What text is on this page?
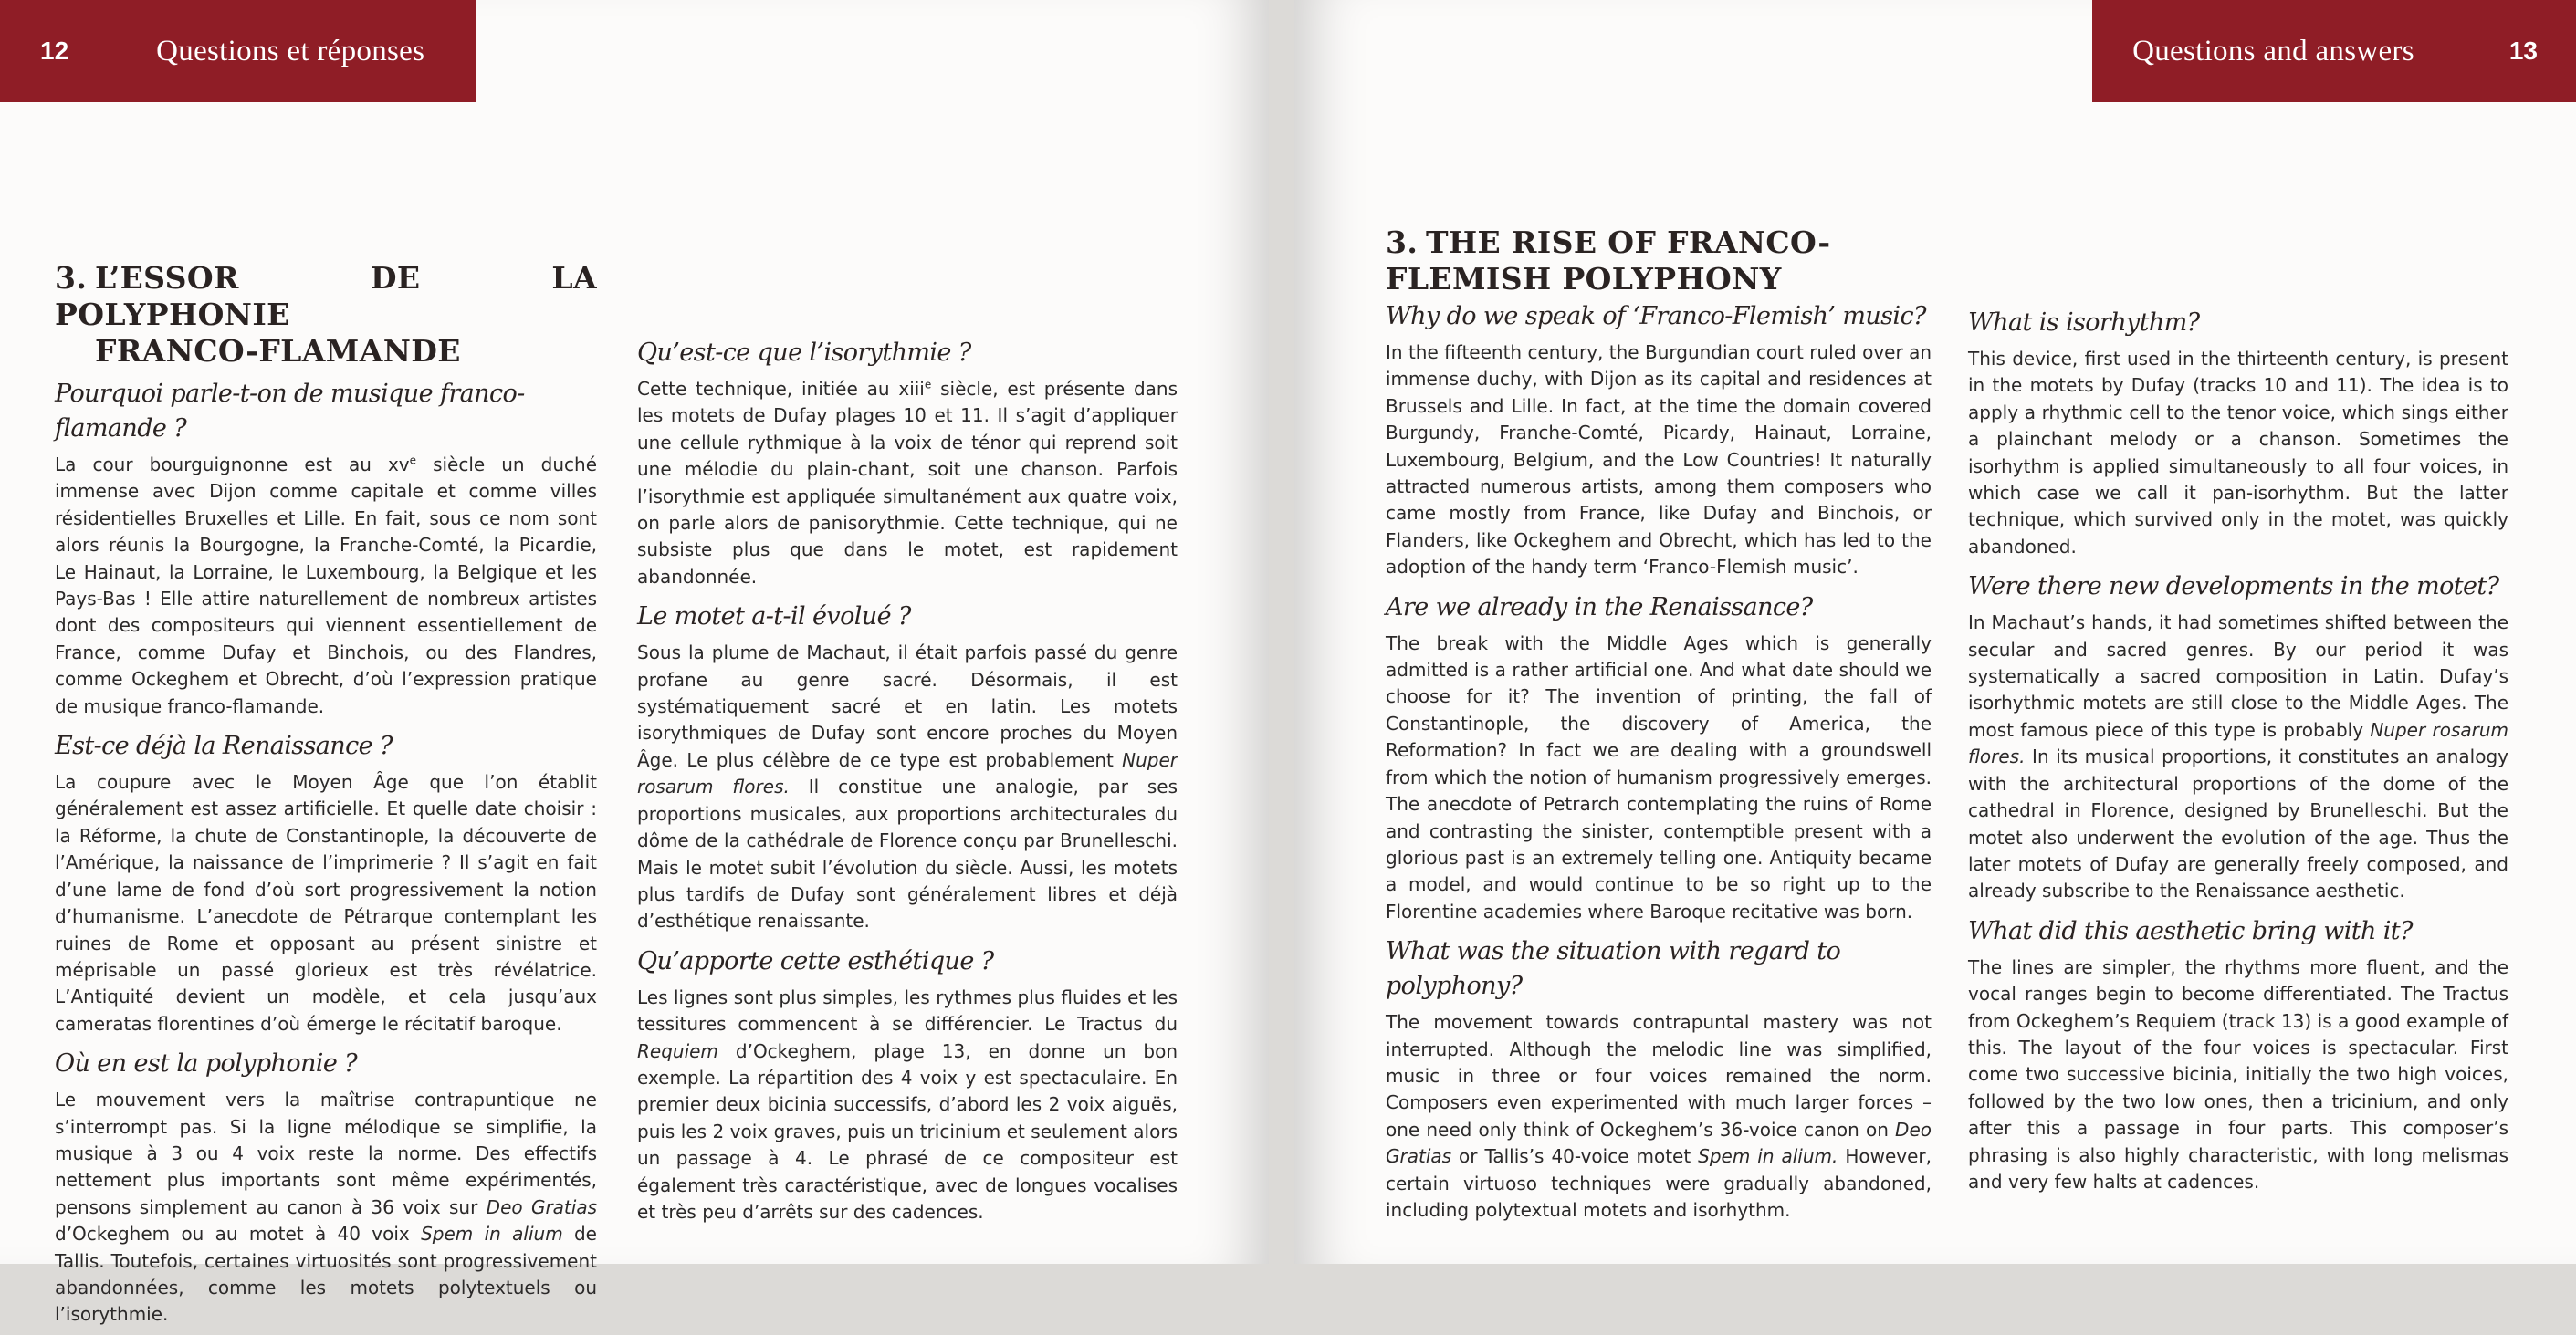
12	Questions et réponses
3. L’ESSOR DE LA POLYPHONIE
FRANCO-FLAMANDE
Pourquoi parle-t-on de musique franco-flamande ?

La cour bourguignonne est au $xv^e$ siècle un duché immense avec Dijon comme capitale et comme villes résidentielles Bruxelles et Lille. En fait, sous ce nom sont alors réunis la Bourgogne, la Franche-Comté, la Picardie, Le Hainaut, la Lorraine, le Luxembourg, la Belgique et les Pays-Bas ! Elle attire naturellement de nombreux artistes dont des compositeurs qui viennent essentiellement de France, comme Dufay et Binchois, ou des Flandres, comme Ockeghem et Obrecht, d’où l’expression pratique de musique franco-flamande.

Est-ce déjà la Renaissance ?

La coupure avec le Moyen Âge que l’on établit généralement est assez artificielle. Et quelle date choisir : la Réforme, la chute de Constantinople, la découverte de l’Amérique, la naissance de l’imprimerie ? Il s’agit en fait d’une lame de fond d’où sort progressivement la notion d’humanisme. L’anecdote de Pétrarque contemplant les ruines de Rome et opposant au présent sinistre et méprisable un passé glorieux est très révélatrice. L’Antiquité devient un modèle, et cela jusqu’aux cameratas florentines d’où émerge le récitatif baroque.

Où en est la polyphonie ?

Le mouvement vers la maîtrise contrapuntique ne s’interrompt pas. Si la ligne mélodique se simplifie, la musique à 3 ou 4 voix reste la norme. Des effectifs nettement plus importants sont même expérimentés, pensons simplement au canon à 36 voix sur Deo Gratias d’Ockeghem ou au motet à 40 voix Spem in alium de Tallis. Toutefois, certaines virtuosités sont progressivement abandonnées, comme les motets polytextuels ou l’isorythmie.

Qu’est-ce que l’isorythmie ?

Cette technique, initiée au xiii$^e$ siècle, est présente dans les motets de Dufay plages 10 et 11. Il s’agit d’appliquer une cellule rythmique à la voix de ténor qui reprend soit une mélodie du plain-chant, soit une chanson. Parfois l’isorythmie est appliquée simultanément aux quatre voix, on parle alors de panisorythmie. Cette technique, qui ne subsiste plus que dans le motet, est rapidement abandonnée.

Le motet a-t-il évolué ?

Sous la plume de Machaut, il était parfois passé du genre profane au genre sacré. Désormais, il est systématiquement sacré et en latin. Les motets isorythmiques de Dufay sont encore proches du Moyen Âge. Le plus célèbre de ce type est probablement Nuper rosarum flores. Il constitue une analogie, par ses proportions musicales, aux proportions architecturales du dôme de la cathédrale de Florence conçu par Brunelleschi. Mais le motet subit l’évolution du siècle. Aussi, les motets plus tardifs de Dufay sont généralement libres et déjà d’esthétique renaissante.

Qu’apporte cette esthétique ?

Les lignes sont plus simples, les rythmes plus fluides et les tessitures commencent à se différencier. Le Tractus du Requiem d’Ockeghem, plage 13, en donne un bon exemple. La répartition des 4 voix y est spectaculaire. En premier deux bicinia successifs, d’abord les 2 voix aiguës, puis les 2 voix graves, puis un tricinium et seulement alors un passage à 4. Le phrasé de ce compositeur est également très caractéristique, avec de longues vocalises et très peu d’arrêts sur des cadences.

Questions and answers	13
3. THE RISE OF FRANCO-
FLEMISH POLYPHONY
Why do we speak of ‘Franco-Flemish’ music?

In the fifteenth century, the Burgundian court ruled over an immense duchy, with Dijon as its capital and residences at Brussels and Lille. In fact, at the time the domain covered Burgundy, Franche-Comté, Picardy, Hainaut, Lorraine, Luxembourg, Belgium, and the Low Countries! It naturally attracted numerous artists, among them composers who came mostly from France, like Dufay and Binchois, or Flanders, like Ockeghem and Obrecht, which has led to the adoption of the handy term ‘Franco-Flemish music’.

Are we already in the Renaissance?

The break with the Middle Ages which is generally admitted is a rather artificial one. And what date should we choose for it? The invention of printing, the fall of Constantinople, the discovery of America, the Reformation? In fact we are dealing with a groundswell from which the notion of humanism progressively emerges. The anecdote of Petrarch contemplating the ruins of Rome and contrasting the sinister, contemptible present with a glorious past is an extremely telling one. Antiquity became a model, and would continue to be so right up to the Florentine academies where Baroque recitative was born.

What was the situation with regard to polyphony?

The movement towards contrapuntal mastery was not interrupted. Although the melodic line was simplified, music in three or four voices remained the norm. Composers even experimented with much larger forces – one need only think of Ockeghem’s 36-voice canon on Deo Gratias or Tallis’s 40-voice motet Spem in alium. However, certain virtuoso techniques were gradually abandoned, including polytextual motets and isorhythm.

What is isorhythm?

This device, first used in the thirteenth century, is present in the motets by Dufay (tracks 10 and 11). The idea is to apply a rhythmic cell to the tenor voice, which sings either a plainchant melody or a chanson. Sometimes the isorhythm is applied simultaneously to all four voices, in which case we call it pan-isorhythm. But the latter technique, which survived only in the motet, was quickly abandoned.

Were there new developments in the motet?

In Machaut’s hands, it had sometimes shifted between the secular and sacred genres. By our period it was systematically a sacred composition in Latin. Dufay’s isorhythmic motets are still close to the Middle Ages. The most famous piece of this type is probably Nuper rosarum flores. In its musical proportions, it constitutes an analogy with the architectural proportions of the dome of the cathedral in Florence, designed by Brunelleschi. But the motet also underwent the evolution of the age. Thus the later motets of Dufay are generally freely composed, and already subscribe to the Renaissance aesthetic.

What did this aesthetic bring with it?

The lines are simpler, the rhythms more fluent, and the vocal ranges begin to become differentiated. The Tractus from Ockeghem’s Requiem (track 13) is a good example of this. The layout of the four voices is spectacular. First come two successive bicinia, initially the two high voices, followed by the two low ones, then a tricinium, and only after this a passage in four parts. This composer’s phrasing is also highly characteristic, with long melismas and very few halts at cadences.
